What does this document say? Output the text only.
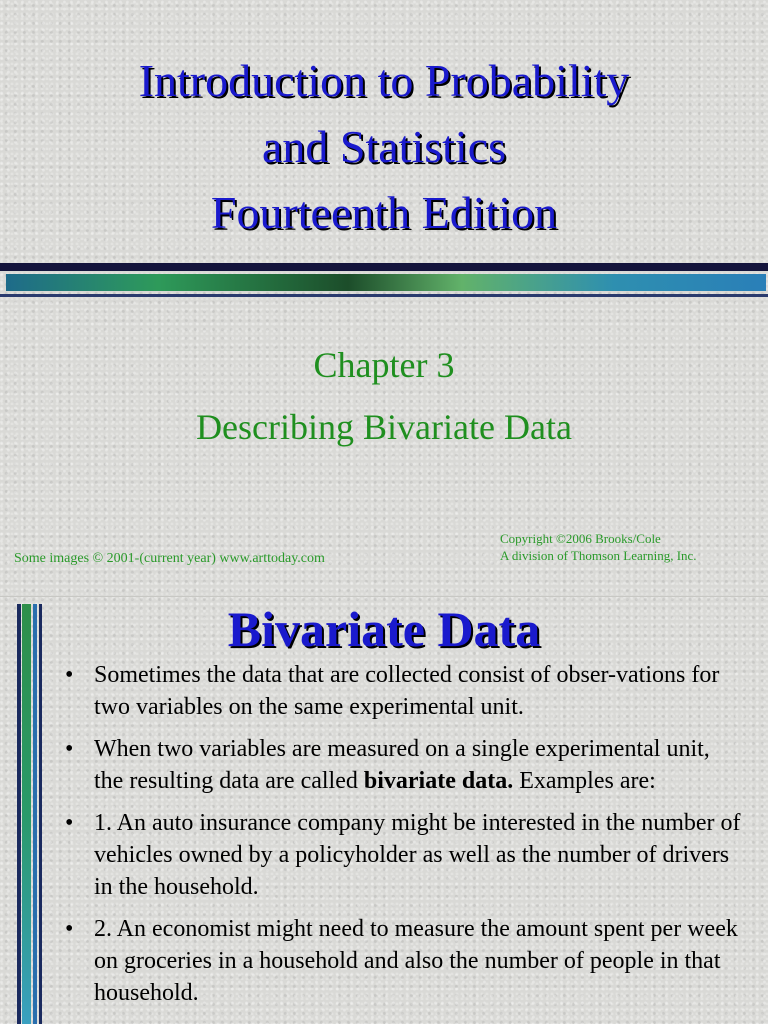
Introduction to Probability
and Statistics
Fourteenth Edition
Chapter 3
Describing Bivariate Data
Some images © 2001-(current year) www.arttoday.com
Copyright ©2006 Brooks/Cole
A division of Thomson Learning, Inc.
Bivariate Data
• Sometimes the data that are collected consist of obser-vations for two variables on the same experimental unit.
• When two variables are measured on a single experimental unit, the resulting data are called bivariate data. Examples are:
• 1. An auto insurance company might be interested in the number of vehicles owned by a policyholder as well as the number of drivers in the household.
• 2. An economist might need to measure the amount spent per week on groceries in a household and also the number of people in that household.
